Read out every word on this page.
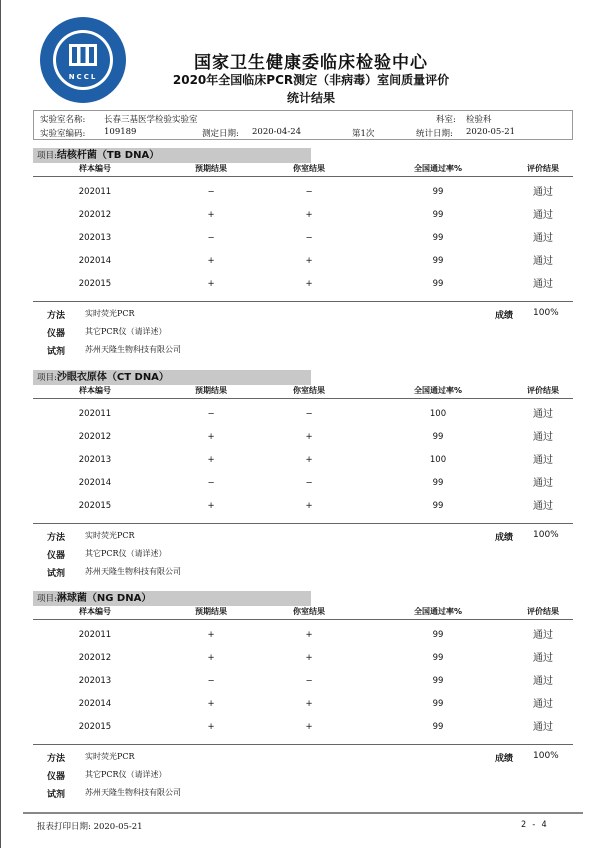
NCCL
国家卫生健康委临床检验中心
2020年全国临床PCR测定（非病毒）室间质量评价
统计结果
实验室名称: 长春三基医学检验实验室	科室: 检验科
实验室编码: 109189	测定日期: 2020-04-24	第1次	统计日期: 2020-05-21
项目:结核杆菌（TB DNA）
样本编号	预期结果	你室结果	全国通过率%	评价结果
202011	−	−	99	通过
202012	+	+	99	通过
202013	−	−	99	通过
202014	+	+	99	通过
202015	+	+	99	通过
方法 实时荧光PCR
仪器 其它PCR仪（请详述）
试剂 苏州天隆生物科技有限公司
成绩 100%
项目:沙眼衣原体（CT DNA）
样本编号	预期结果	你室结果	全国通过率%	评价结果
202011	−	−	100	通过
202012	+	+	99	通过
202013	+	+	100	通过
202014	−	−	99	通过
202015	+	+	99	通过
方法 实时荧光PCR
仪器 其它PCR仪（请详述）
试剂 苏州天隆生物科技有限公司
成绩 100%
项目:淋球菌（NG DNA）
样本编号	预期结果	你室结果	全国通过率%	评价结果
202011	+	+	99	通过
202012	+	+	99	通过
202013	−	−	99	通过
202014	+	+	99	通过
202015	+	+	99	通过
方法 实时荧光PCR
仪器 其它PCR仪（请详述）
试剂 苏州天隆生物科技有限公司
成绩 100%
报表打印日期: 2020-05-21	2 - 4
